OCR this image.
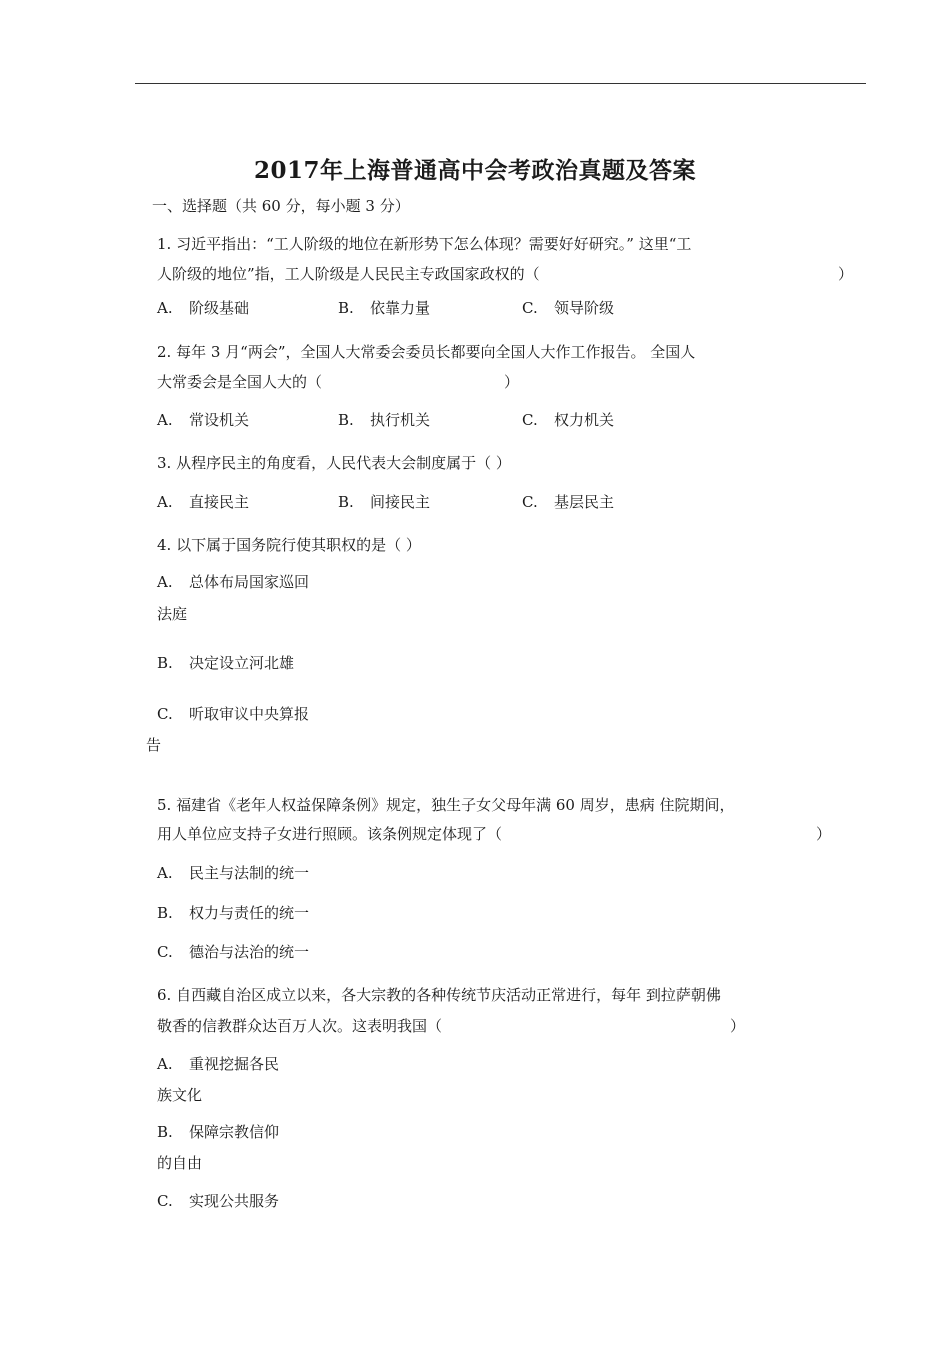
2017年上海普通高中会考政治真题及答案
一、选择题（共 60 分，每小题 3 分）
1. 习近平指出：“工人阶级的地位在新形势下怎么体现？需要好好研究。” 这里“工
人阶级的地位”指，工人阶级是人民民主专政国家政权的（	）
A. 阶级基础	B. 依靠力量	C. 领导阶级
2. 每年 3 月“两会”，全国人大常委会委员长都要向全国人大作工作报告。 全国人
大常委会是全国人大的（	）
A. 常设机关	B. 执行机关	C. 权力机关
3. 从程序民主的角度看，人民代表大会制度属于（ ）
A. 直接民主	B. 间接民主	C. 基层民主
4. 以下属于国务院行使其职权的是（ ）
A. 总体布局国家巡回
法庭
B. 决定设立河北雄
C. 听取审议中央算报
告
5. 福建省《老年人权益保障条例》规定，独生子女父母年满 60 周岁，患病 住院期间，
用人单位应支持子女进行照顾。该条例规定体现了（	）
A. 民主与法制的统一
B. 权力与责任的统一
C. 德治与法治的统一
6. 自西藏自治区成立以来，各大宗教的各种传统节庆活动正常进行，每年 到拉萨朝佛
敬香的信教群众达百万人次。这表明我国（	）
A. 重视挖掘各民
族文化
B. 保障宗教信仰
的自由
C. 实现公共服务
